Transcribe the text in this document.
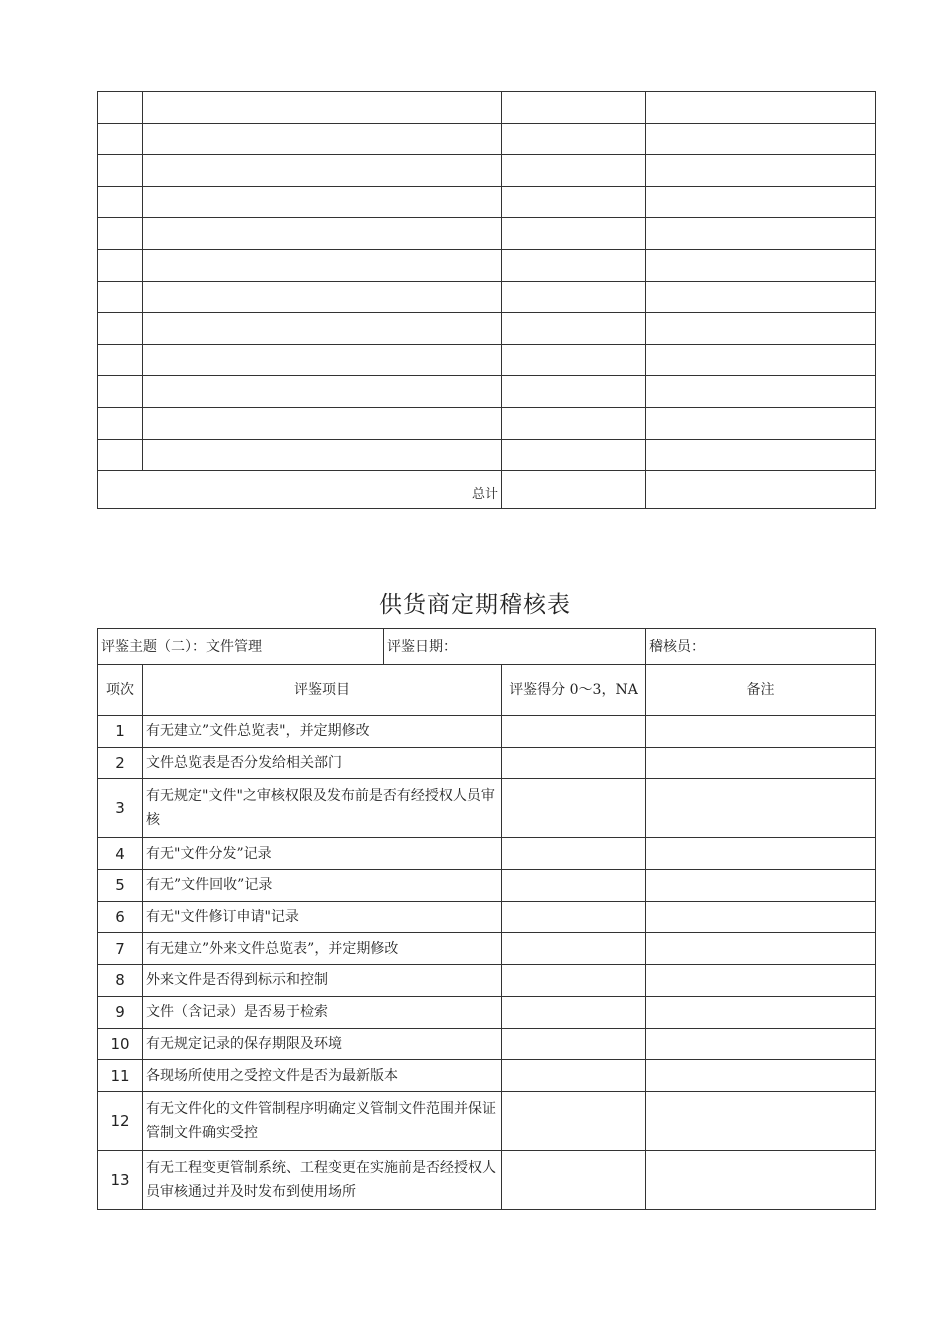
总计			
供货商定期稽核表
评鉴主题（二）：文件管理		评鉴日期：		稽核员：
项次	评鉴项目		评鉴得分 0～3，NA	备注
1	有无建立”文件总览表"，并定期修改			
2	文件总览表是否分发给相关部门			
3	有无规定"文件"之审核权限及发布前是否有经授权人员审核			
4	有无"文件分发”记录			
5	有无”文件回收”记录			
6	有无"文件修订申请"记录			
7	有无建立”外来文件总览表”，并定期修改			
8	外来文件是否得到标示和控制			
9	文件（含记录）是否易于检索			
10	有无规定记录的保存期限及环境			
11	各现场所使用之受控文件是否为最新版本			
12	有无文件化的文件管制程序明确定义管制文件范围并保证管制文件确实受控			
13	有无工程变更管制系统、工程变更在实施前是否经授权人员审核通过并及时发布到使用场所			
